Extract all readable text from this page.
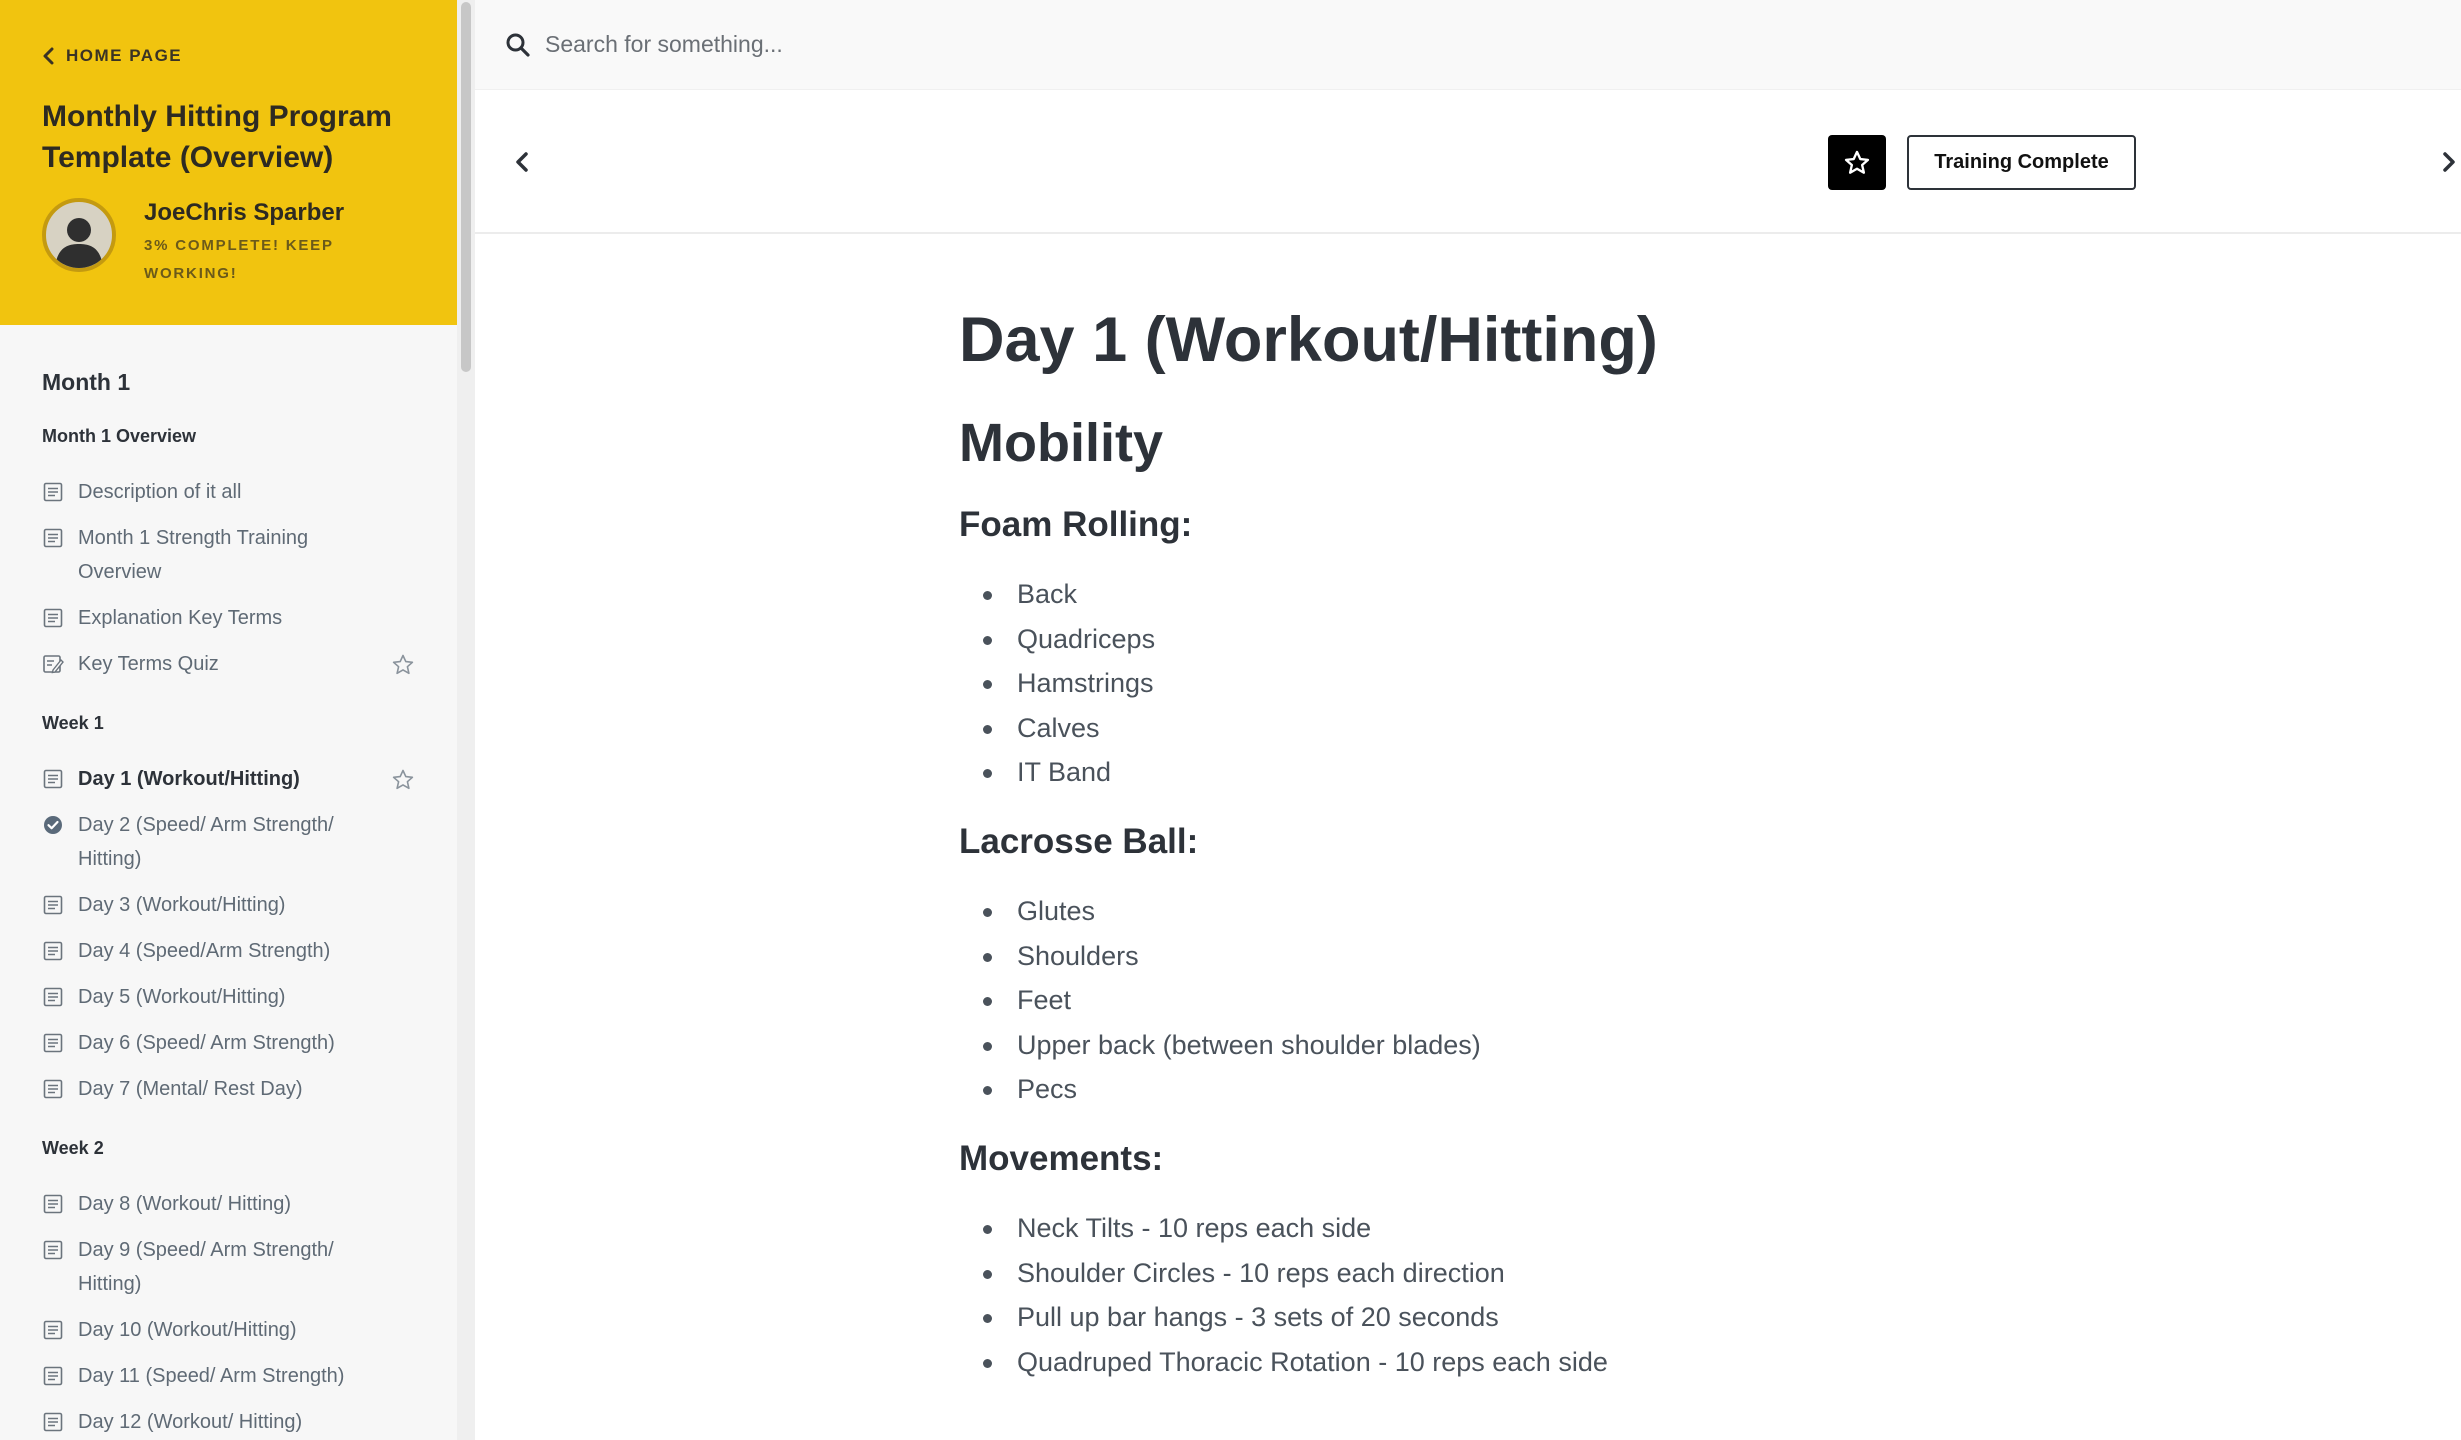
HOME PAGE
Monthly Hitting Program Template (Overview)
JoeChris Sparber
3% COMPLETE! KEEP WORKING!
Month 1
Month 1 Overview
Description of it all
Month 1 Strength Training Overview
Explanation Key Terms
Key Terms Quiz
Week 1
Day 1 (Workout/Hitting)
Day 2 (Speed/ Arm Strength/ Hitting)
Day 3 (Workout/Hitting)
Day 4 (Speed/Arm Strength)
Day 5 (Workout/Hitting)
Day 6 (Speed/ Arm Strength)
Day 7 (Mental/ Rest Day)
Week 2
Day 8 (Workout/ Hitting)
Day 9 (Speed/ Arm Strength/ Hitting)
Day 10 (Workout/Hitting)
Day 11 (Speed/ Arm Strength)
Day 12 (Workout/ Hitting)
Search for something...
Training Complete
Day 1 (Workout/Hitting)
Mobility
Foam Rolling:
Back
Quadriceps
Hamstrings
Calves
IT Band
Lacrosse Ball:
Glutes
Shoulders
Feet
Upper back (between shoulder blades)
Pecs
Movements:
Neck Tilts - 10 reps each side
Shoulder Circles - 10 reps each direction
Pull up bar hangs - 3 sets of 20 seconds
Quadruped Thoracic Rotation - 10 reps each side
